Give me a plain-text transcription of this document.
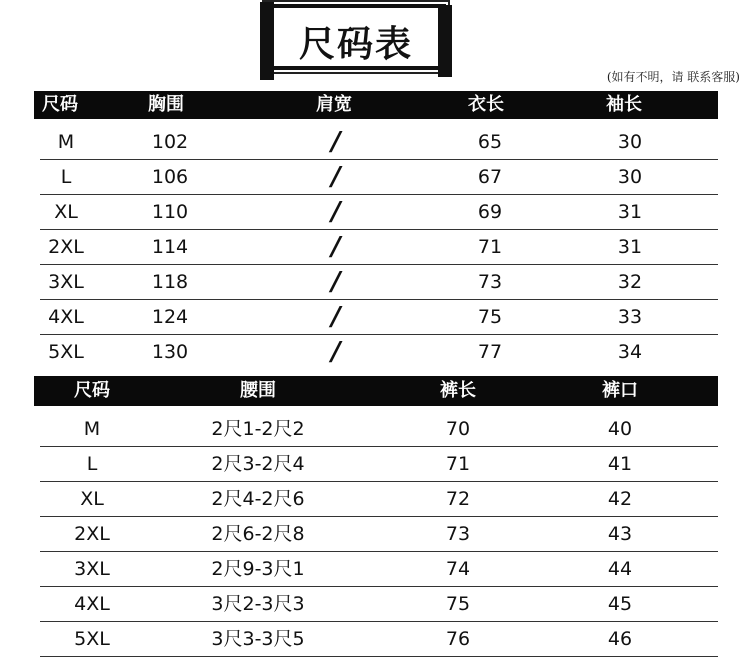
尺码表
(如有不明，请 联系客服)
尺码	胸围	肩宽	衣长	袖长
M	102	/	65	30
L	106	/	67	30
XL	110	/	69	31
2XL	114	/	71	31
3XL	118	/	73	32
4XL	124	/	75	33
5XL	130	/	77	34
尺码	腰围	裤长	裤口
M	2尺1-2尺2	70	40
L	2尺3-2尺4	71	41
XL	2尺4-2尺6	72	42
2XL	2尺6-2尺8	73	43
3XL	2尺9-3尺1	74	44
4XL	3尺2-3尺3	75	45
5XL	3尺3-3尺5	76	46
